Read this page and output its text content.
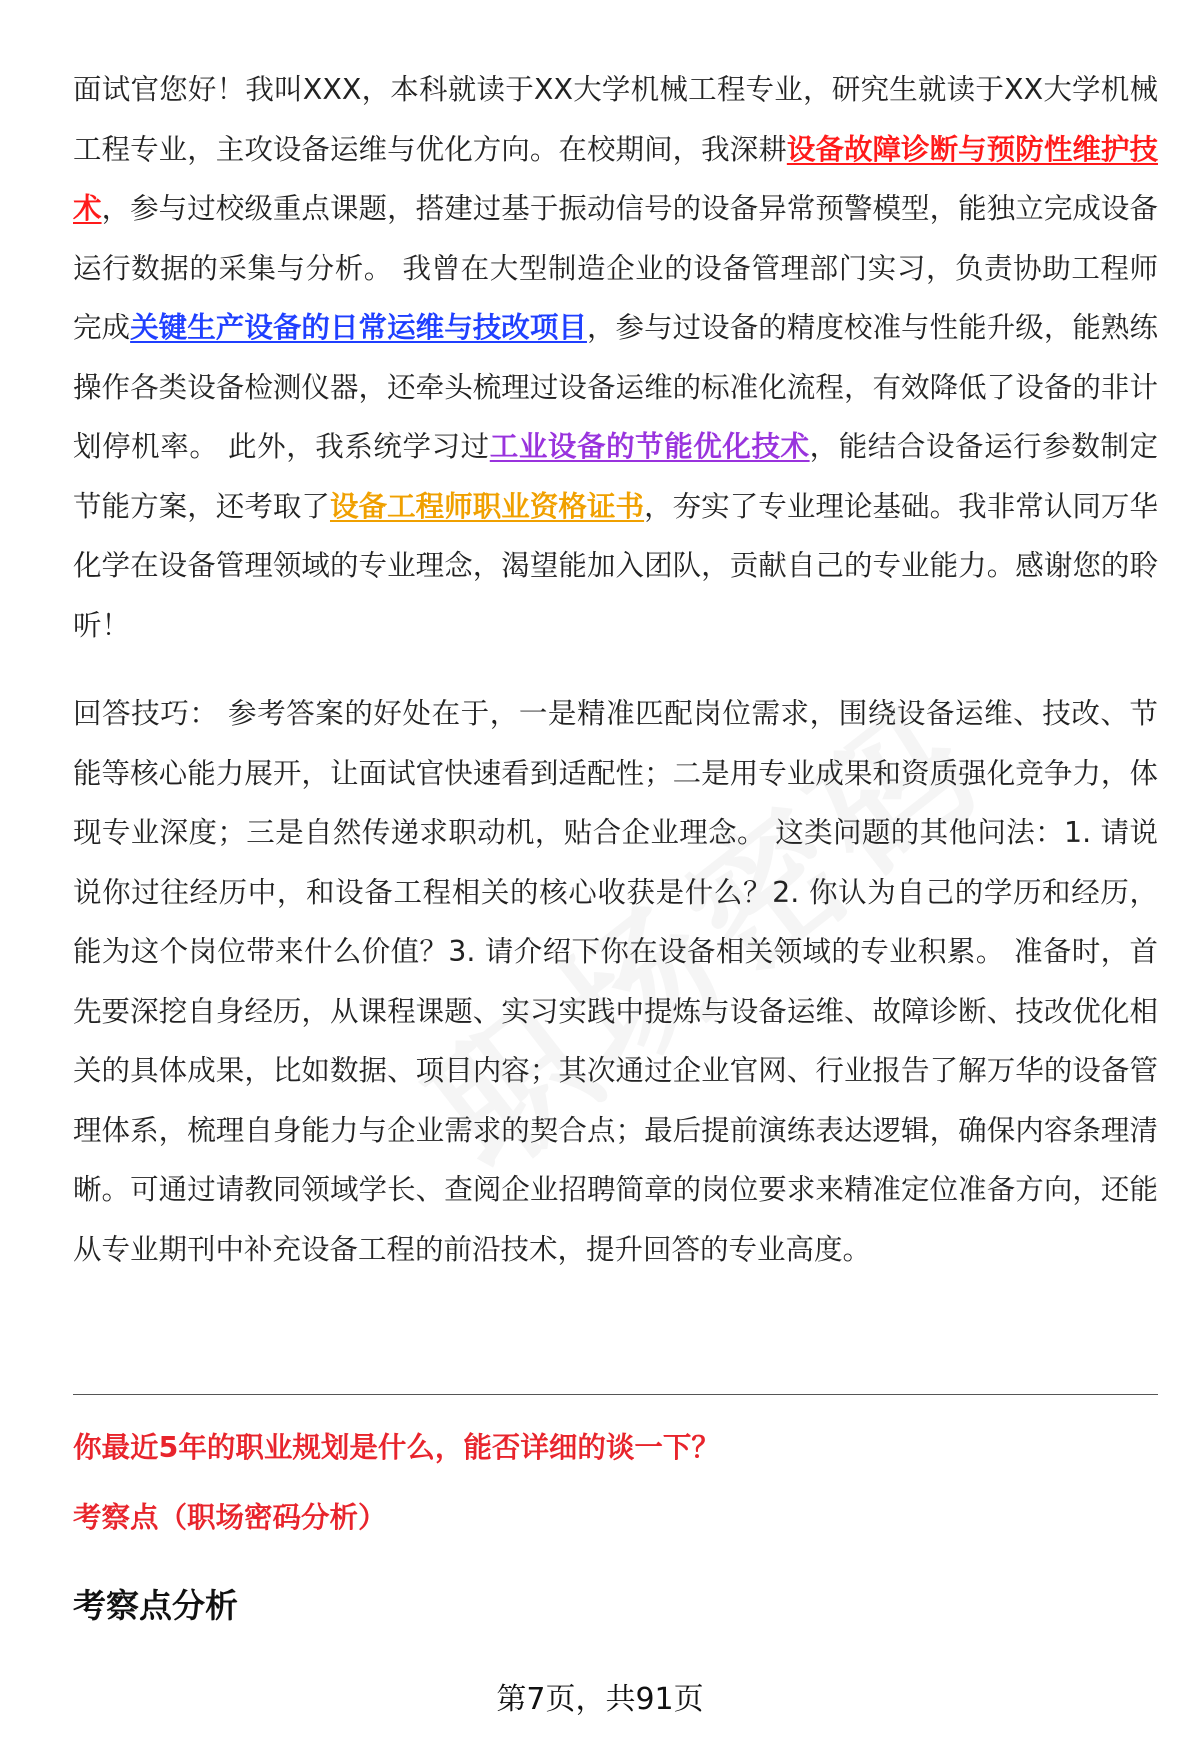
面试官您好！我叫XXX，本科就读于XX大学机械工程专业，研究生就读于XX大学机械工程专业，主攻设备运维与优化方向。在校期间，我深耕设备故障诊断与预防性维护技术，参与过校级重点课题，搭建过基于振动信号的设备异常预警模型，能独立完成设备运行数据的采集与分析。 我曾在大型制造企业的设备管理部门实习，负责协助工程师完成关键生产设备的日常运维与技改项目，参与过设备的精度校准与性能升级，能熟练操作各类设备检测仪器，还牵头梳理过设备运维的标准化流程，有效降低了设备的非计划停机率。 此外，我系统学习过工业设备的节能优化技术，能结合设备运行参数制定节能方案，还考取了设备工程师职业资格证书，夯实了专业理论基础。我非常认同万华化学在设备管理领域的专业理念，渴望能加入团队，贡献自己的专业能力。感谢您的聆听！

回答技巧： 参考答案的好处在于，一是精准匹配岗位需求，围绕设备运维、技改、节能等核心能力展开，让面试官快速看到适配性；二是用专业成果和资质强化竞争力，体现专业深度；三是自然传递求职动机，贴合企业理念。 这类问题的其他问法：1. 请说说你过往经历中，和设备工程相关的核心收获是什么？2. 你认为自己的学历和经历，能为这个岗位带来什么价值？3. 请介绍下你在设备相关领域的专业积累。 准备时，首先要深挖自身经历，从课程课题、实习实践中提炼与设备运维、故障诊断、技改优化相关的具体成果，比如数据、项目内容；其次通过企业官网、行业报告了解万华的设备管理体系，梳理自身能力与企业需求的契合点；最后提前演练表达逻辑，确保内容条理清晰。可通过请教同领域学长、查阅企业招聘简章的岗位要求来精准定位准备方向，还能从专业期刊中补充设备工程的前沿技术，提升回答的专业高度。

你最近5年的职业规划是什么，能否详细的谈一下？

考察点（职场密码分析）

考察点分析
第7页，共91页
